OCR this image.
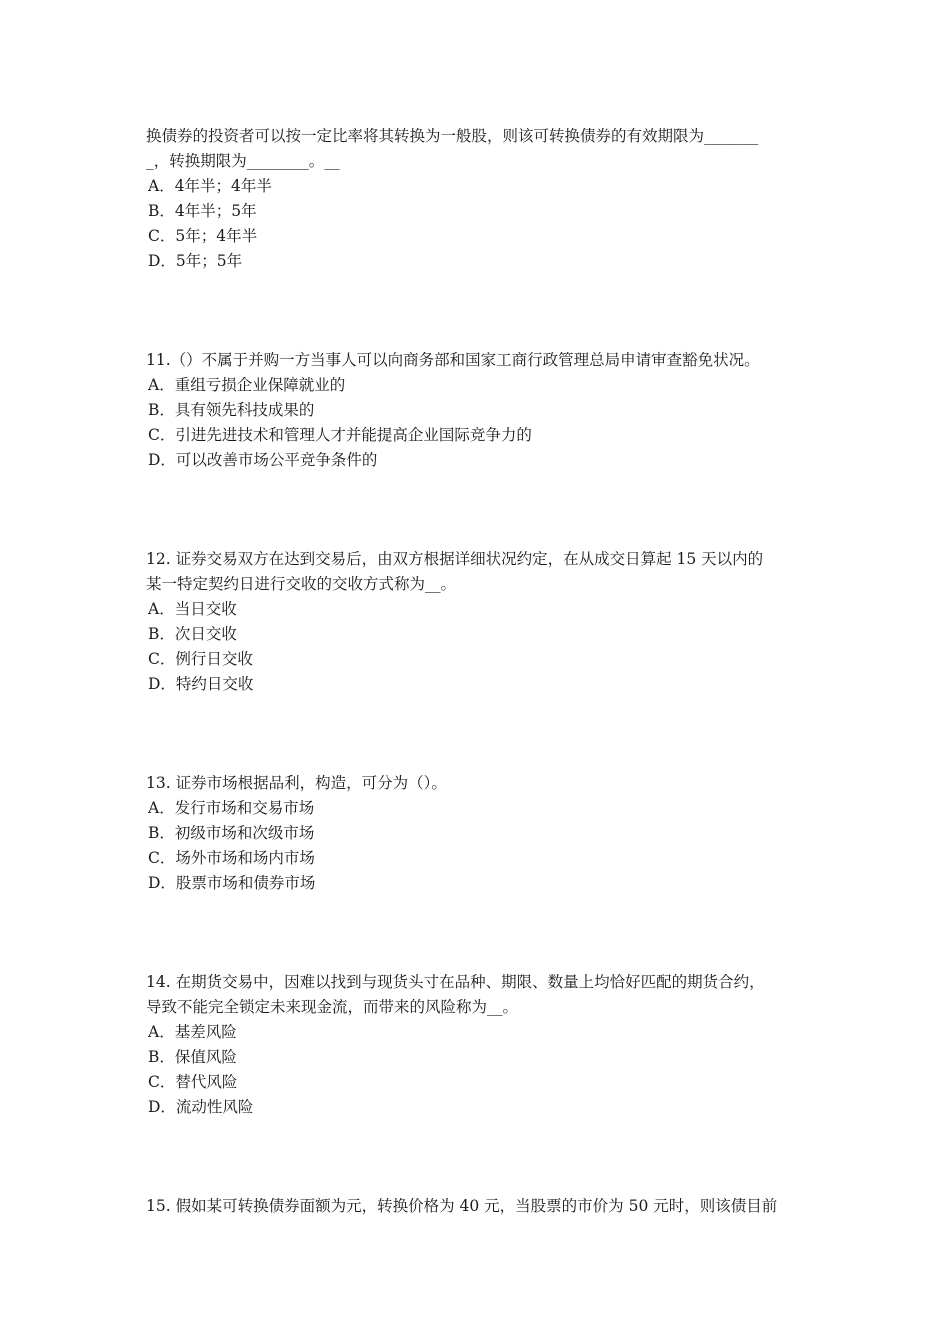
换债券的投资者可以按一定比率将其转换为一般股，则该可转换债券的有效期限为_______

_，转换期限为________。__

A．4年半；4年半

B．4年半；5年

C．5年；4年半

D．5年；5年

11.（）不属于并购一方当事人可以向商务部和国家工商行政管理总局申请审查豁免状况。

A．重组亏损企业保障就业的

B．具有领先科技成果的

C．引进先进技术和管理人才并能提高企业国际竞争力的

D．可以改善市场公平竞争条件的

12. 证券交易双方在达到交易后，由双方根据详细状况约定，在从成交日算起 15 天以内的

某一特定契约日进行交收的交收方式称为__。

A．当日交收

B．次日交收

C．例行日交收

D．特约日交收

13. 证券市场根据品利，构造，可分为（）。

A．发行市场和交易市场

B．初级市场和次级市场

C．场外市场和场内市场

D．股票市场和债券市场

14. 在期货交易中，因难以找到与现货头寸在品种、期限、数量上均恰好匹配的期货合约，

导致不能完全锁定未来现金流，而带来的风险称为__。

A．基差风险

B．保值风险

C．替代风险

D．流动性风险

15. 假如某可转换债券面额为元，转换价格为 40 元，当股票的市价为 50 元时，则该债目前
